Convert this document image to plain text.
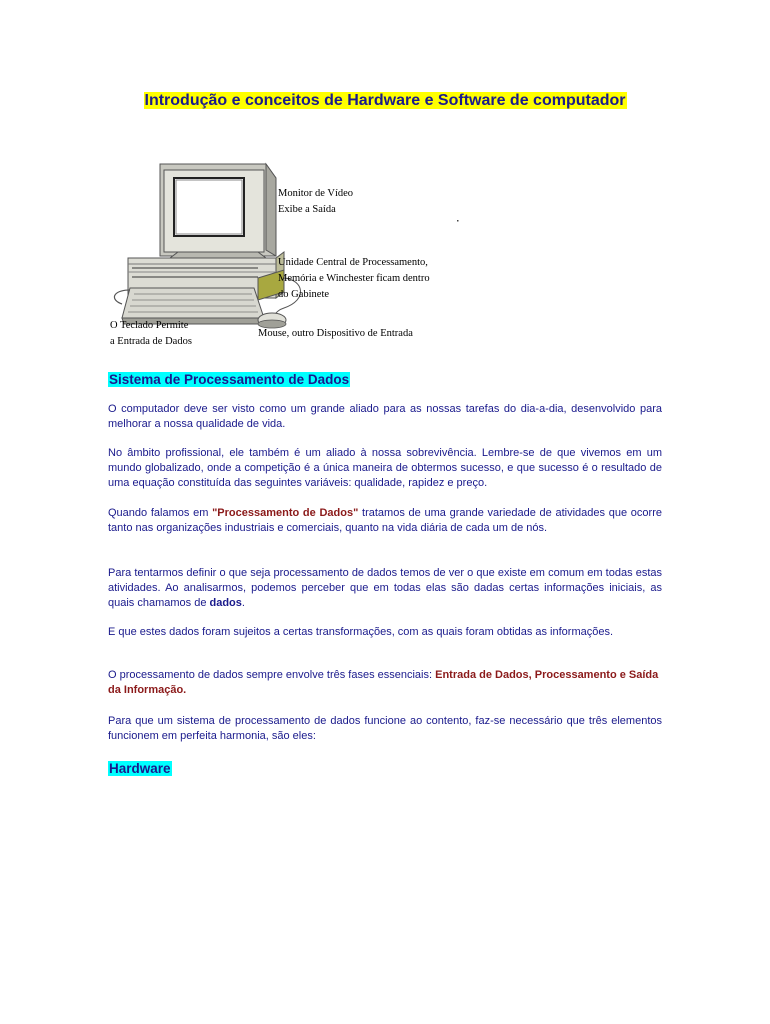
Introdução e conceitos de Hardware e Software de computador
Monitor de Vídeo
Exibe a Saída
Unidade Central de Processamento,
Memória e Winchester ficam dentro
do Gabinete
O Teclado Permite
a Entrada de Dados
Mouse, outro Dispositivo de Entrada
Sistema de Processamento de Dados

O computador deve ser visto como um grande aliado para as nossas tarefas do dia-a-dia, desenvolvido para melhorar a nossa qualidade de vida.

No âmbito profissional, ele também é um aliado à nossa sobrevivência. Lembre-se de que vivemos em um mundo globalizado, onde a competição é a única maneira de obtermos sucesso, e que sucesso é o resultado de uma equação constituída das seguintes variáveis: qualidade, rapidez e preço.

Quando falamos em "Processamento de Dados" tratamos de uma grande variedade de atividades que ocorre tanto nas organizações industriais e comerciais, quanto na vida diária de cada um de nós.

Para tentarmos definir o que seja processamento de dados temos de ver o que existe em comum em todas estas atividades. Ao analisarmos, podemos perceber que em todas elas são dadas certas informações iniciais, as quais chamamos de dados.

E que estes dados foram sujeitos a certas transformações, com as quais foram obtidas as informações.

O processamento de dados sempre envolve três fases essenciais: Entrada de Dados, Processamento e Saída da Informação.

Para que um sistema de processamento de dados funcione ao contento, faz-se necessário que três elementos funcionem em perfeita harmonia, são eles:

Hardware
